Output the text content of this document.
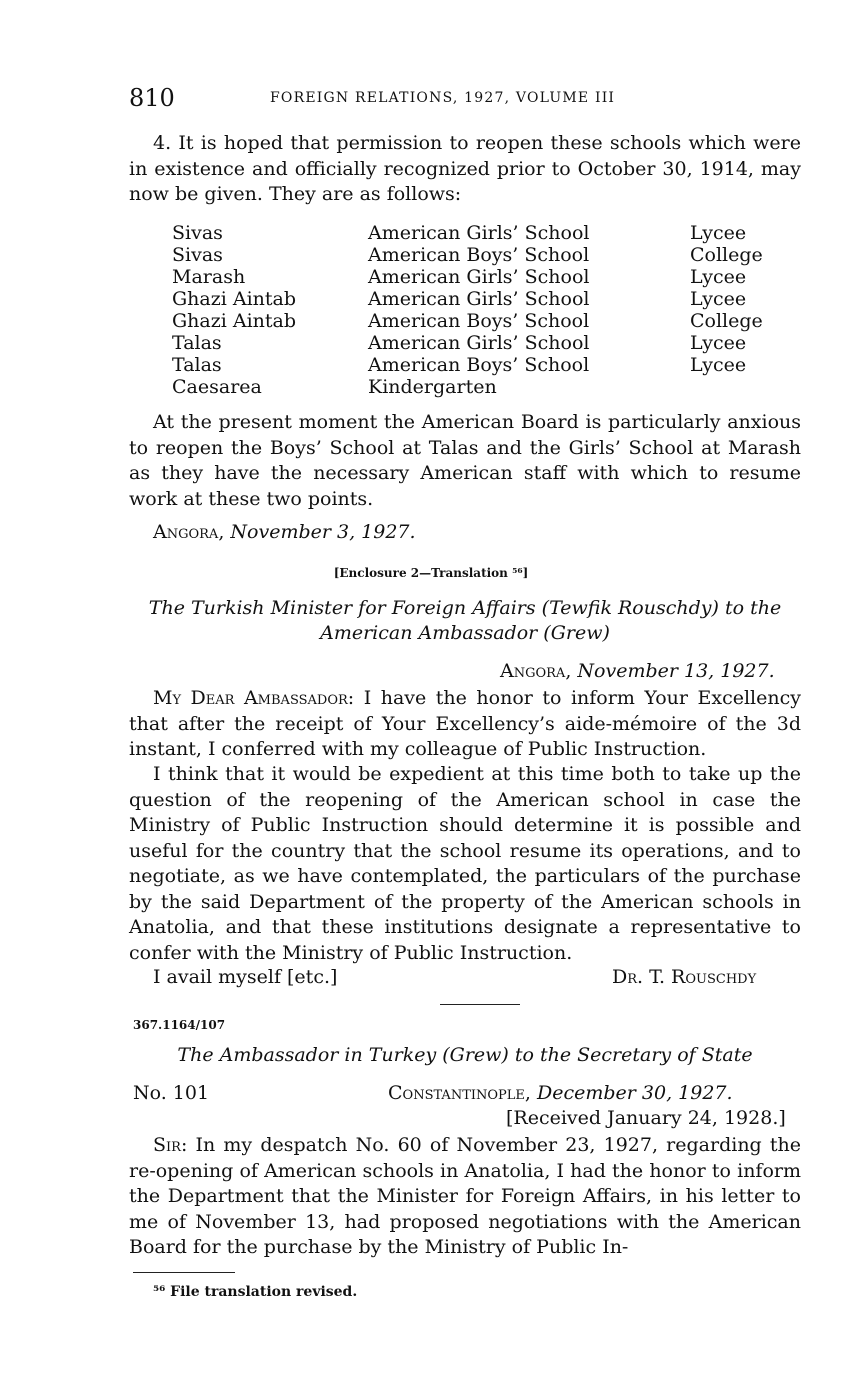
810	FOREIGN RELATIONS, 1927, VOLUME III
4. It is hoped that permission to reopen these schools which were in existence and officially recognized prior to October 30, 1914, may now be given. They are as follows:
Sivas	American Girls’ School	Lycee
Sivas	American Boys’ School	College
Marash	American Girls’ School	Lycee
Ghazi Aintab	American Girls’ School	Lycee
Ghazi Aintab	American Boys’ School	College
Talas	American Girls’ School	Lycee
Talas	American Boys’ School	Lycee
Caesarea	Kindergarten	
At the present moment the American Board is particularly anxious to reopen the Boys’ School at Talas and the Girls’ School at Marash as they have the necessary American staff with which to resume work at these two points.
Angora, November 3, 1927.
[Enclosure 2—Translation ⁵⁶]
The Turkish Minister for Foreign Affairs (Tewfik Rouschdy) to the American Ambassador (Grew)
Angora, November 13, 1927.
My Dear Ambassador: I have the honor to inform Your Excellency that after the receipt of Your Excellency’s aide-mémoire of the 3d instant, I conferred with my colleague of Public Instruction.
I think that it would be expedient at this time both to take up the question of the reopening of the American school in case the Ministry of Public Instruction should determine it is possible and useful for the country that the school resume its operations, and to negotiate, as we have contemplated, the particulars of the purchase by the said Department of the property of the American schools in Anatolia, and that these institutions designate a representative to confer with the Ministry of Public Instruction.
I avail myself [etc.]	Dr. T. Rouschdy
367.1164/107
The Ambassador in Turkey (Grew) to the Secretary of State
No. 101	Constantinople, December 30, 1927.
[Received January 24, 1928.]
Sir: In my despatch No. 60 of November 23, 1927, regarding the re-opening of American schools in Anatolia, I had the honor to inform the Department that the Minister for Foreign Affairs, in his letter to me of November 13, had proposed negotiations with the American Board for the purchase by the Ministry of Public In-
⁵⁶ File translation revised.
